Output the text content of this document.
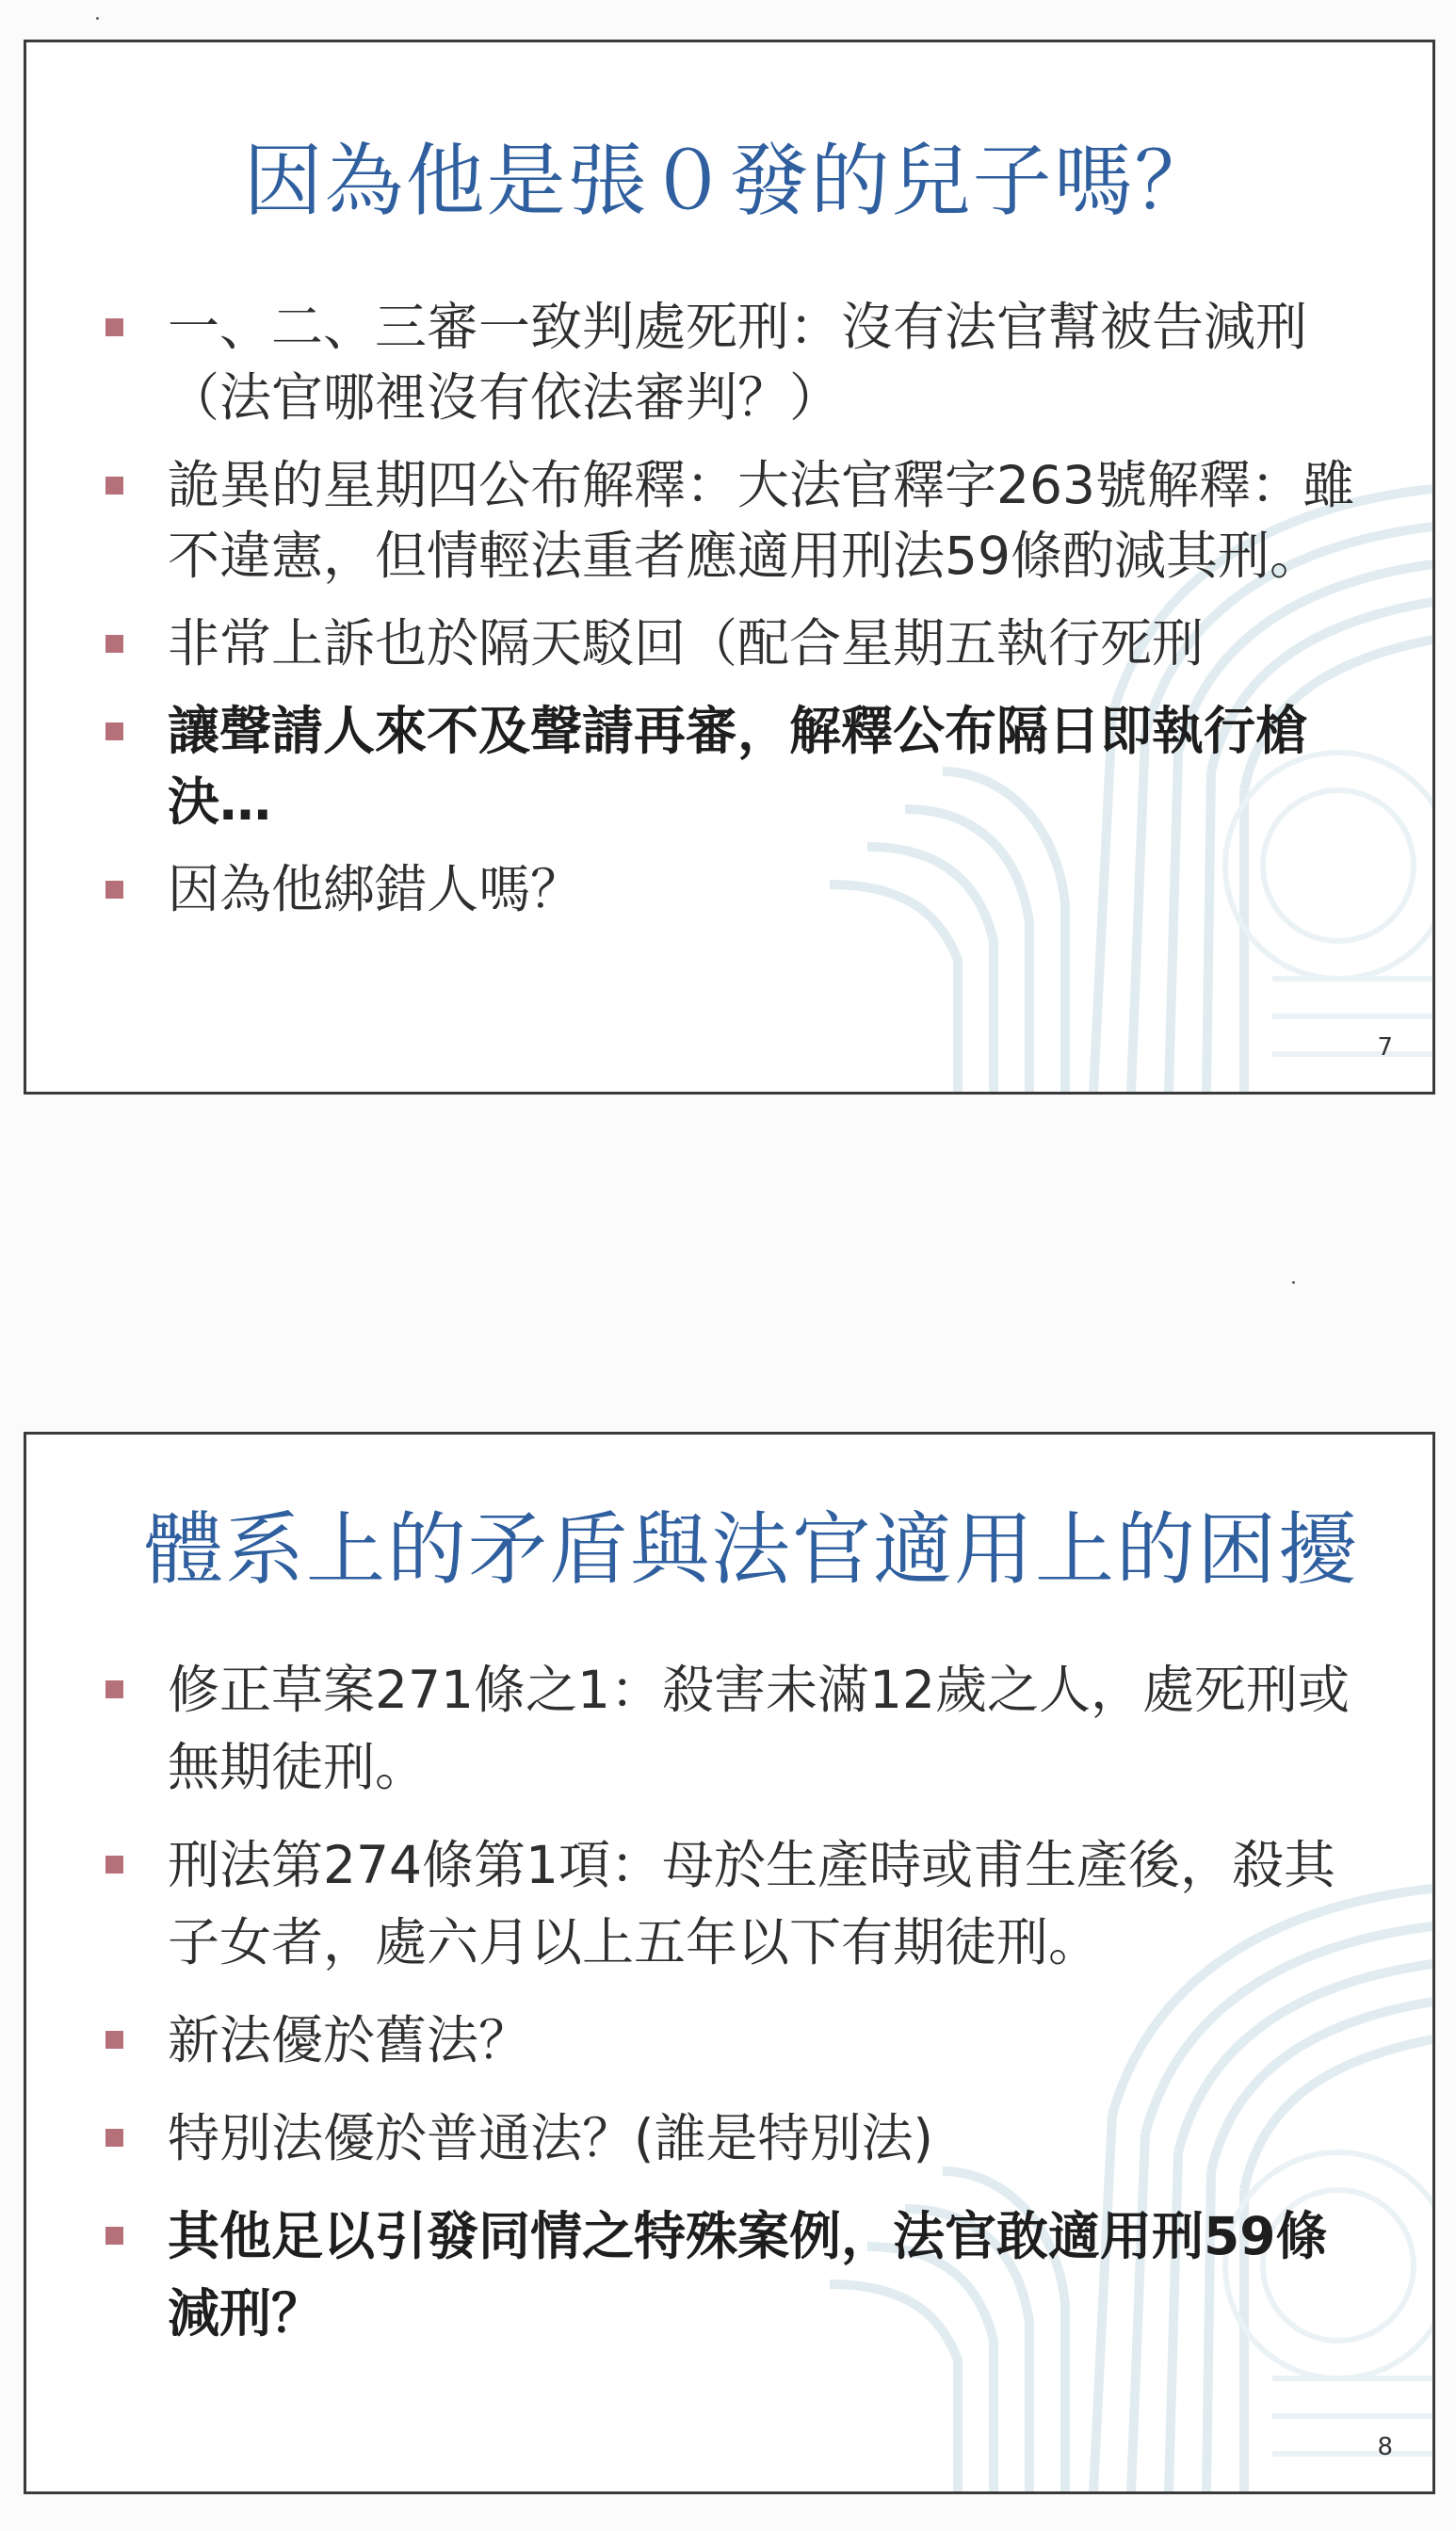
因為他是張０發的兒子嗎？
一、二、三審一致判處死刑：沒有法官幫被告減刑（法官哪裡沒有依法審判？）
詭異的星期四公布解釋：大法官釋字263號解釋：雖不違憲，但情輕法重者應適用刑法59條酌減其刑。
非常上訴也於隔天駁回（配合星期五執行死刑
讓聲請人來不及聲請再審，解釋公布隔日即執行槍決…
因為他綁錯人嗎？
7
體系上的矛盾與法官適用上的困擾
修正草案271條之1：殺害未滿12歲之人，處死刑或無期徒刑。
刑法第274條第1項：母於生產時或甫生產後，殺其子女者，處六月以上五年以下有期徒刑。
新法優於舊法？
特別法優於普通法？(誰是特別法)
其他足以引發同情之特殊案例，法官敢適用刑59條減刑？
8
